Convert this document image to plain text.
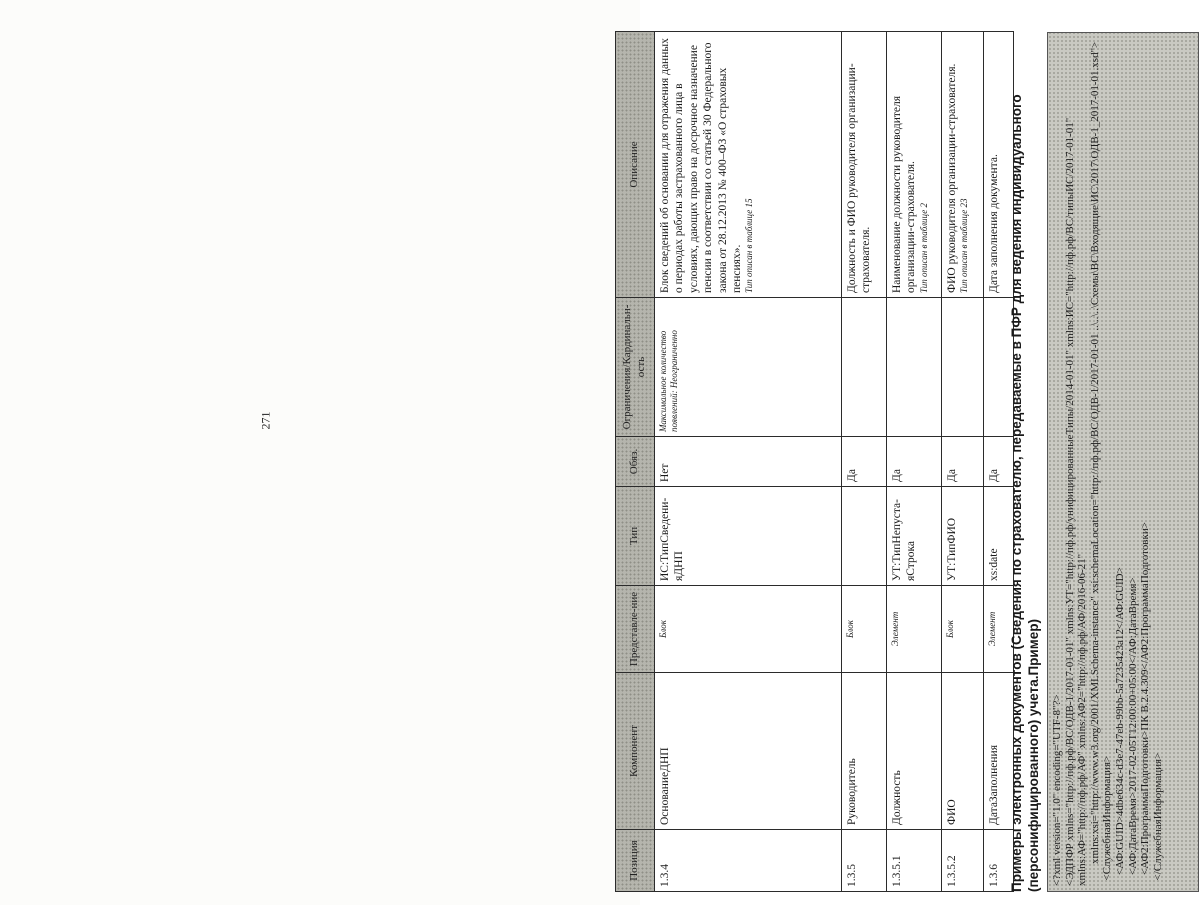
271
Позиция	Компонент	Представле-ние	Тип	Обяз.	Ограничения/Кардинальн-ость	Описание
1.3.4	ОснованиеДНП	Блок	ИС:ТипСведени-яДНП	Нет	Максимальное количество появлений: Неограниченно	Блок сведений об основании для отражения данных о периодах работы застрахованного лица в условиях, дающих право на досрочное назначение пенсии в соответствии со статьей 30 Федерального закона от 28.12.2013 № 400–ФЗ «О страховых пенсиях». Тип описан в таблице 15

1.3.5	Руководитель	Блок		Да		Должность и ФИО руководителя организации-страхователя.

1.3.5.1	Должность	Элемент	УТ:ТипНепуста-яСтрока	Да		Наименование должности руководителя организации-страхователя. Тип описан в таблице 2

1.3.5.2	ФИО	Блок	УТ:ТипФИО	Да		ФИО руководителя организации-страхователя. Тип описан в таблице 23

1.3.6	ДатаЗаполнения	Элемент	xs:date	Да		Дата заполнения документа. Примеры электронных документов (Сведения по страхователю, передаваемые в ПФР для ведения индивидуального (персонифицированного) учета.Пример) <?xml version="1.0" encoding="UTF-8"?> <ЭДПФР xmlns="http://пф.рф/ВС/ОДВ-1/2017-01-01" xmlns:УТ="http://пф.рф/унифицированныеТипы/2014-01-01" xmlns:ИС="http://пф.рф/ВС/типыИС/2017-01-01" xmlns:АФ="http://пф.рф/АФ" xmlns:АФ2="http://пф.рф/АФ/2016-06-21" xmlns:xsi="http://www.w3.org/2001/XMLSchema-instance" xsi:schemaLocation="http://пф.рф/ВС/ОДВ-1/2017-01-01 ..\..\..\Схемы\ВС\Входящие\ИС\2017\ОДВ-1_2017-01-01.xsd">
<СлужебнаяИнформация> <АФ:GUID>4dbe634c-d3e7-47eb-99bb-5a7235423a12</АФ:GUID>
<АФ:ДатаВремя>2017-02-05T12:00:00+05:00</АФ:ДатаВремя>
<АФ2:ПрограммаПодготовки>ПК В.2.4.309</АФ2:ПрограммаПодготовки>
</СлужебнаяИнформация>
